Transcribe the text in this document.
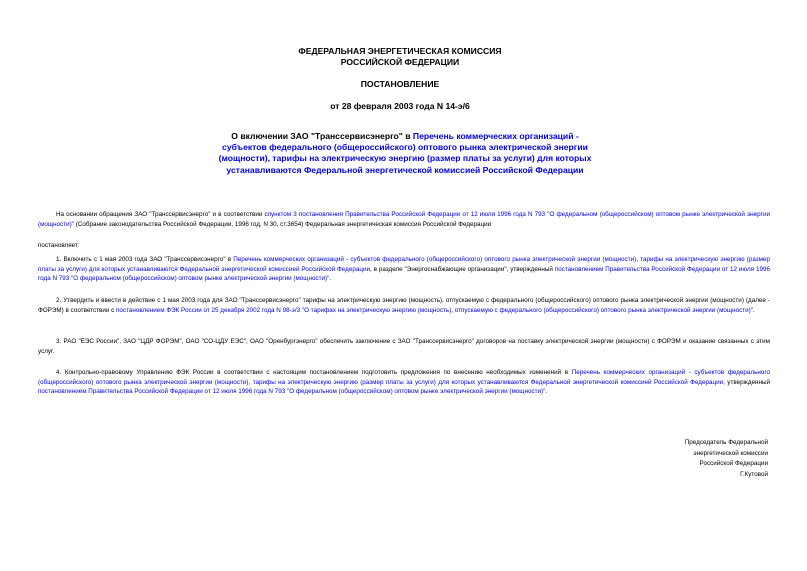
ФЕДЕРАЛЬНАЯ ЭНЕРГЕТИЧЕСКАЯ КОМИССИЯ
РОССИЙСКОЙ ФЕДЕРАЦИИ
ПОСТАНОВЛЕНИЕ
от 28 февраля 2003 года N 14-э/6
О включении ЗАО "Транссервисэнерго" в Перечень коммерческих организаций - субъектов федерального (общероссийского) оптового рынка электрической энергии (мощности), тарифы на электрическую энергию (размер платы за услуги) для которых устанавливаются Федеральной энергетической комиссией Российской Федерации
На основании обращения ЗАО "Транссервисэнерго" и в соответствии спунктом 3 постановления Правительства Российской Федерации от 12 июля 1996 года N 793 "О федеральном (общероссийском) оптовом рынке электрической энергии (мощности)" (Собрание законодательства Российской Федерации, 1996 год, N 30, ст.3654) Федеральная энергетическая комиссия Российской Федерации
постановляет:
1. Включить с 1 мая 2003 года ЗАО "Транссервисэнерго" в Перечень коммерческих организаций - субъектов федерального (общероссийского) оптового рынка электрической энергии (мощности), тарифы на электрическую энергию (размер платы за услуги) для которых устанавливаются Федеральной энергетической комиссией Российской Федерации, в разделе "Энергоснабжающие организации", утвержденный постановлением Правительства Российской Федерации от 12 июля 1996 года N 793 "О федеральном (общероссийском) оптовом рынке электрической энергии (мощности)".
2. Утвердить и ввести в действие с 1 мая 2003 года для ЗАО "Транссервисэнерго" тарифы на электрическую энергию (мощность), отпускаемую с федерального (общероссийского) оптового рынка электрической энергии (мощности) (далее - ФОРЭМ) в соответствии с постановлением ФЭК России от 25 декабря 2002 года N 98-э/3 "О тарифах на электрическую энергию (мощность), отпускаемую с федерального (общероссийского) оптового рынка электрической энергии (мощности)".
3. РАО "ЕЭС России", ЗАО "ЦДР ФОРЭМ", ОАО "СО-ЦДУ ЕЭС", ОАО "Оренбургэнерго" обеспечить заключение с ЗАО "Транссервисэнерго" договоров на поставку электрической энергии (мощности) с ФОРЭМ и оказание связанных с этим услуг.
4. Контрольно-правовому Управлению ФЭК России в соответствии с настоящим постановлением подготовить предложения по внесению необходимых изменений в Перечень коммерческих организаций - субъектов федерального (общероссийского) оптового рынка электрической энергии (мощности), тарифы на электрическую энергию (размер платы за услуги) для которых устанавливаются Федеральной энергетической комиссией Российской Федерации, утвержденный постановлением Правительства Российской Федерации от 12 июля 1996 года N 793 "О федеральном (общероссийском) оптовом рынке электрической энергии (мощности)".
Председатель Федеральной
энергетической комиссии
Российской Федерации
Г.Кутовой
